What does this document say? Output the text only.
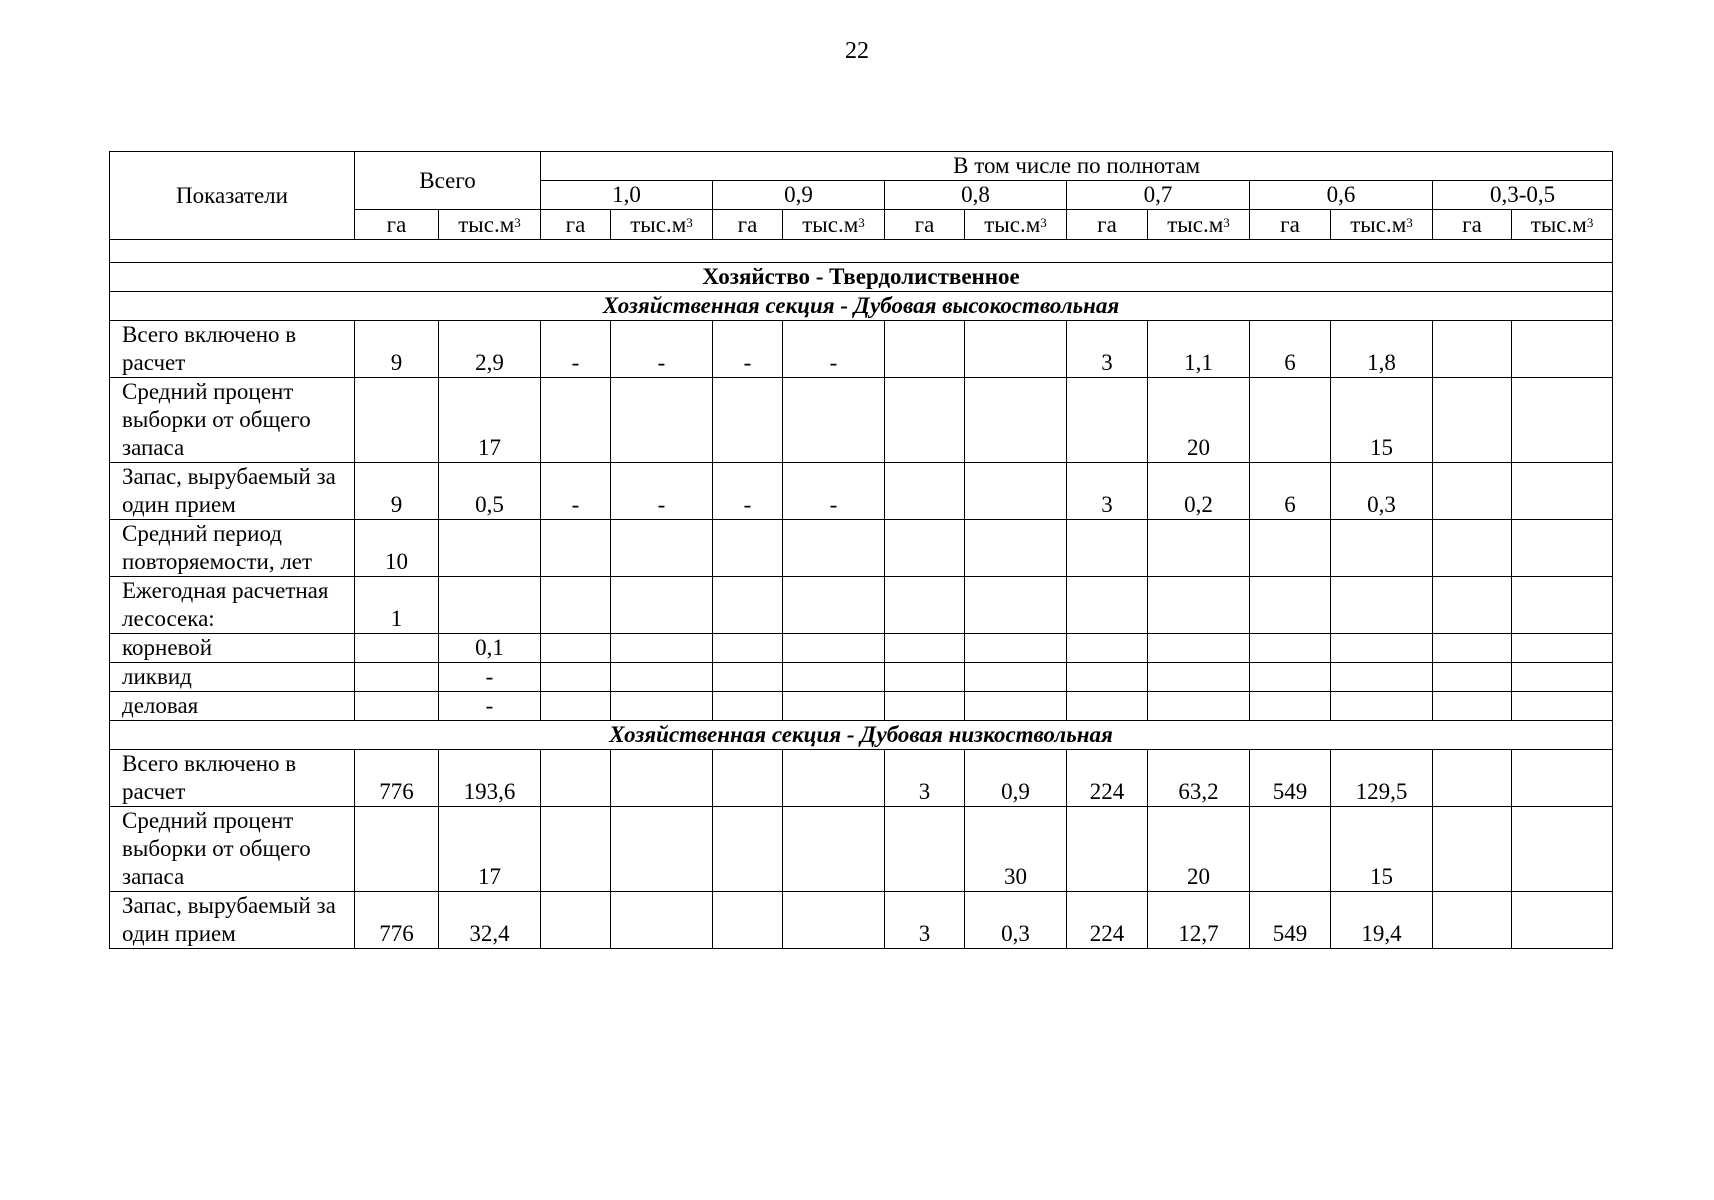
22
Показатели	Всего		В том числе по полнотам											
			1,0		0,9		0,8		0,7		0,6		0,3-0,5	
	га	$тыс.м^3$	га	$тыс.м^3$	га	$тыс.м^3$	га	$тыс.м^3$	га	$тыс.м^3$	га	$тыс.м^3$	га	$тыс.м^3$

Хозяйство - Твердолиственное														
Хозяйственная секция - Дубовая высокоствольная														
Всего включено в расчет	9	2,9	-	-	-	-			3	1,1	6	1,8		
Средний процент выборки от общего запаса		17								20		15		
Запас, вырубаемый за один прием	9	0,5	-	-	-	-			3	0,2	6	0,3		
Средний период повторяемости, лет	10													
Ежегодная расчетная лесосека:	1													
корневой		0,1												
ликвид		-												
деловая		-												
Хозяйственная секция - Дубовая низкоствольная														
Всего включено в расчет	776	193,6					3	0,9	224	63,2	549	129,5		
Средний процент выборки от общего запаса		17						30		20		15		
Запас, вырубаемый за один прием	776	32,4					3	0,3	224	12,7	549	19,4		
